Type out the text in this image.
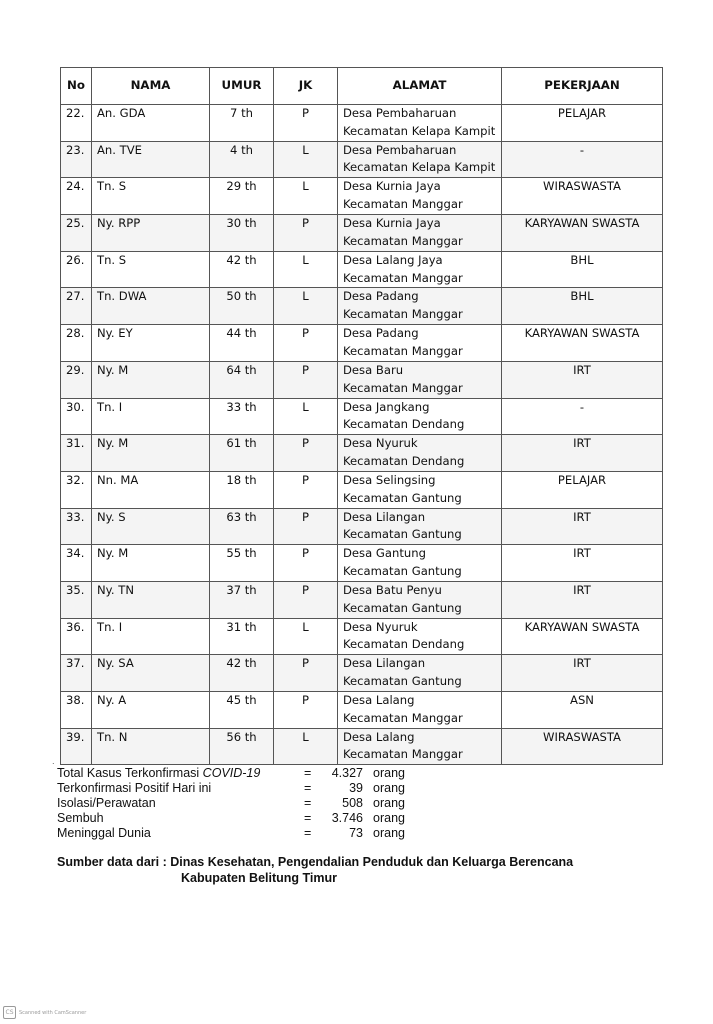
No	NAMA	UMUR	JK	ALAMAT	PEKERJAAN
22.	An. GDA	7 th	P	Desa Pembaharuan
Kecamatan Kelapa Kampit	PELAJAR
23.	An. TVE	4 th	L	Desa Pembaharuan
Kecamatan Kelapa Kampit	-
24.	Tn. S	29 th	L	Desa Kurnia Jaya
Kecamatan Manggar	WIRASWASTA
25.	Ny. RPP	30 th	P	Desa Kurnia Jaya
Kecamatan Manggar	KARYAWAN SWASTA
26.	Tn. S	42 th	L	Desa Lalang Jaya
Kecamatan Manggar	BHL
27.	Tn. DWA	50 th	L	Desa Padang
Kecamatan Manggar	BHL
28.	Ny. EY	44 th	P	Desa Padang
Kecamatan Manggar	KARYAWAN SWASTA
29.	Ny. M	64 th	P	Desa Baru
Kecamatan Manggar	IRT
30.	Tn. I	33 th	L	Desa Jangkang
Kecamatan Dendang	-
31.	Ny. M	61 th	P	Desa Nyuruk
Kecamatan Dendang	IRT
32.	Nn. MA	18 th	P	Desa Selingsing
Kecamatan Gantung	PELAJAR
33.	Ny. S	63 th	P	Desa Lilangan
Kecamatan Gantung	IRT
34.	Ny. M	55 th	P	Desa Gantung
Kecamatan Gantung	IRT
35.	Ny. TN	37 th	P	Desa Batu Penyu
Kecamatan Gantung	IRT
36.	Tn. I	31 th	L	Desa Nyuruk
Kecamatan Dendang	KARYAWAN SWASTA
37.	Ny. SA	42 th	P	Desa Lilangan
Kecamatan Gantung	IRT
38.	Ny. A	45 th	P	Desa Lalang
Kecamatan Manggar	ASN
39.	Tn. N	56 th	L	Desa Lalang
Kecamatan Manggar	WIRASWASTA
.
Total Kasus Terkonfirmasi COVID-19	=	4.327 orang
Terkonfirmasi Positif Hari ini	=	39 orang
Isolasi/Perawatan	=	508 orang
Sembuh	=	3.746 orang
Meninggal Dunia	=	73 orang
Sumber data dari : Dinas Kesehatan, Pengendalian Penduduk dan Keluarga Berencana
Kabupaten Belitung Timur
CS	Scanned with CamScanner
